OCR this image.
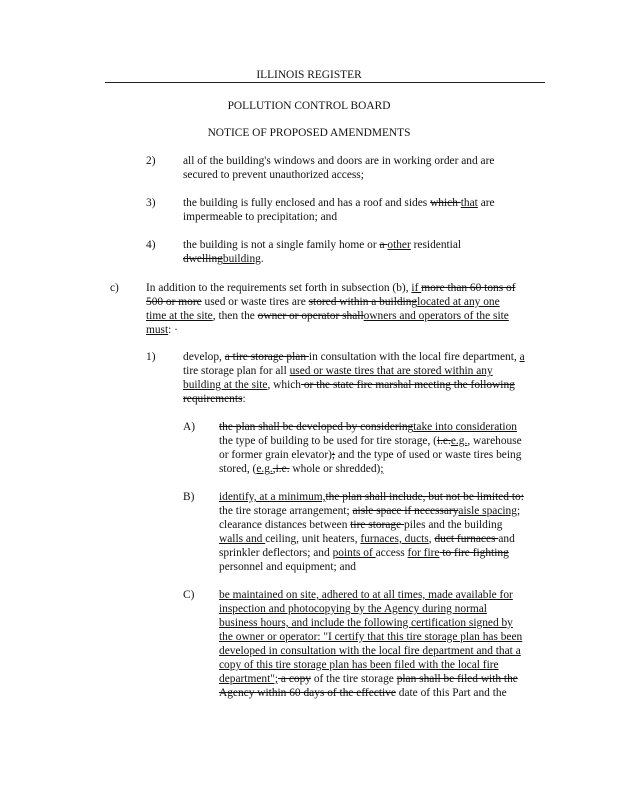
ILLINOIS REGISTER
POLLUTION CONTROL BOARD
NOTICE OF PROPOSED AMENDMENTS
2) all of the building's windows and doors are in working order and are
secured to prevent unauthorized access;
3) the building is fully enclosed and has a roof and sides which that are
impermeable to precipitation; and
4) the building is not a single family home or a other residential
dwellingbuilding.
c) In addition to the requirements set forth in subsection (b), if more than 60 tons of
500 or more used or waste tires are stored within a buildinglocated at any one
time at the site, then the owner or operator shallowners and operators of the site
must: ·
1) develop, a tire storage plan in consultation with the local fire department, a
tire storage plan for all used or waste tires that are stored within any
building at the site, which or the state fire marshal meeting the following
requirements:
A) the plan shall be developed by consideringtake into consideration
the type of building to be used for tire storage, (i.e.e.g., warehouse
or former grain elevator); and the type of used or waste tires being
stored, (e.g.,i.e. whole or shredded);
B) identify, at a minimum,the plan shall include, but not be limited to:
the tire storage arrangement; aisle space if necessaryaisle spacing;
clearance distances between tire storage piles and the building
walls and ceiling, unit heaters, furnaces, ducts, duct furnaces and
sprinkler deflectors; and points of access for fire to fire fighting
personnel and equipment; and
C) be maintained on site, adhered to at all times, made available for
inspection and photocopying by the Agency during normal
business hours, and include the following certification signed by
the owner or operator: "I certify that this tire storage plan has been
developed in consultation with the local fire department and that a
copy of this tire storage plan has been filed with the local fire
department"; a copy of the tire storage plan shall be filed with the
Agency within 60 days of the effective date of this Part and the
